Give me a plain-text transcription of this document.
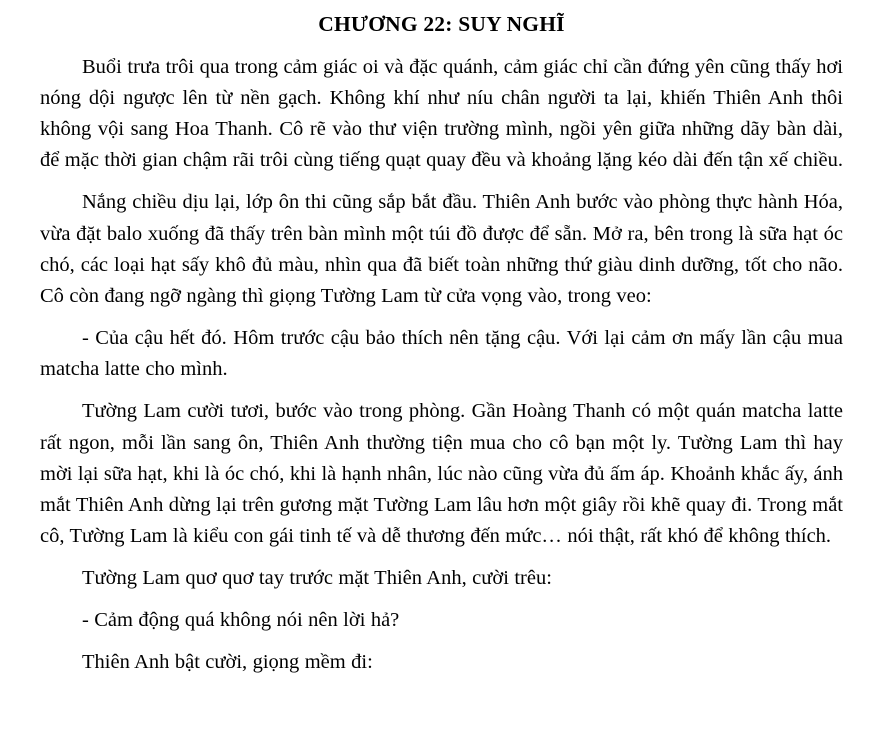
CHƯƠNG 22: SUY NGHĨ

Buổi trưa trôi qua trong cảm giác oi và đặc quánh, cảm giác chỉ cần đứng yên cũng thấy hơi nóng dội ngược lên từ nền gạch. Không khí như níu chân người ta lại, khiến Thiên Anh thôi không vội sang Hoa Thanh. Cô rẽ vào thư viện trường mình, ngồi yên giữa những dãy bàn dài, để mặc thời gian chậm rãi trôi cùng tiếng quạt quay đều và khoảng lặng kéo dài đến tận xế chiều.

Nắng chiều dịu lại, lớp ôn thi cũng sắp bắt đầu. Thiên Anh bước vào phòng thực hành Hóa, vừa đặt balo xuống đã thấy trên bàn mình một túi đồ được để sẵn. Mở ra, bên trong là sữa hạt óc chó, các loại hạt sấy khô đủ màu, nhìn qua đã biết toàn những thứ giàu dinh dưỡng, tốt cho não. Cô còn đang ngỡ ngàng thì giọng Tường Lam từ cửa vọng vào, trong veo:

- Của cậu hết đó. Hôm trước cậu bảo thích nên tặng cậu. Với lại cảm ơn mấy lần cậu mua matcha latte cho mình.

Tường Lam cười tươi, bước vào trong phòng. Gần Hoàng Thanh có một quán matcha latte rất ngon, mỗi lần sang ôn, Thiên Anh thường tiện mua cho cô bạn một ly. Tường Lam thì hay mời lại sữa hạt, khi là óc chó, khi là hạnh nhân, lúc nào cũng vừa đủ ấm áp. Khoảnh khắc ấy, ánh mắt Thiên Anh dừng lại trên gương mặt Tường Lam lâu hơn một giây rồi khẽ quay đi. Trong mắt cô, Tường Lam là kiểu con gái tinh tế và dễ thương đến mức… nói thật, rất khó để không thích.

Tường Lam quơ quơ tay trước mặt Thiên Anh, cười trêu:

- Cảm động quá không nói nên lời hả?

Thiên Anh bật cười, giọng mềm đi:
